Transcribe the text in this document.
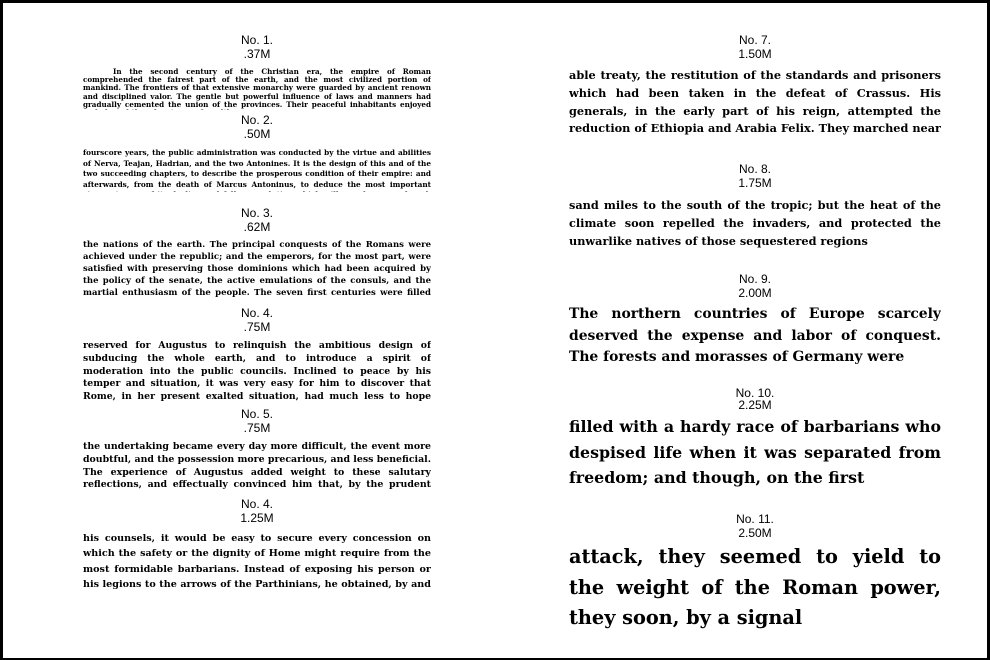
No. 1.
.37M

In the second century of the Christian era, the empire of Roman comprehended the fairest part of the earth, and the most civilized portion of mankind. The frontiers of that extensive monarchy were guarded by ancient renown and disciplined valor. The gentle but powerful influence of laws and manners had gradually cemented the union of the provinces. Their peaceful inhabitants enjoyed

No. 2.
.50M

fourscore years, the public administration was conducted by the virtue and abilities of Nerva, Teajan, Hadrian, and the two Antonines. It is the design of this and of the two succeeding chapters, to describe the prosperous condition of their empire: and afterwards, from the death of Marcus Antoninus, to deduce the most important

No. 3.
.62M

the nations of the earth. The principal conquests of the Romans were achieved under the republic; and the emperors, for the most part, were satisfied with preserving those dominions which had been acquired by the policy of the senate, the active emulations of the consuls, and the martial enthusiasm of the people. The seven first centuries were filled

No. 4.
.75M

reserved for Augustus to relinquish the ambitious design of subducing the whole earth, and to introduce a spirit of moderation into the public councils. Inclined to peace by his temper and situation, it was very easy for him to discover that Rome, in her present exalted situation, had much less to hope

No. 5.
.75M

the undertaking became every day more difficult, the event more doubtful, and the possession more precarious, and less beneficial. The experience of Augustus added weight to these salutary reflections, and effectually convinced him that, by the prudent

No. 4.
1.25M

his counsels, it would be easy to secure every concession on which the safety or the dignity of Home might require from the most formidable barbarians. Instead of exposing his person or his legions to the arrows of the Parthinians, he obtained, by and

No. 7.
1.50M

able treaty, the restitution of the standards and prisoners which had been taken in the defeat of Crassus. His generals, in the early part of his reign, attempted the reduction of Ethiopia and Arabia Felix. They marched near

No. 8.
1.75M

sand miles to the south of the tropic; but the heat of the climate soon repelled the invaders, and protected the unwarlike natives of those sequestered regions

No. 9.
2.00M

The northern countries of Europe scarcely deserved the expense and labor of conquest. The forests and morasses of Germany were

No. 10.
2.25M

filled with a hardy race of barbarians who despised life when it was separated from freedom; and though, on the first

No. 11.
2.50M

attack, they seemed to yield to the weight of the Roman power, they soon, by a signal
